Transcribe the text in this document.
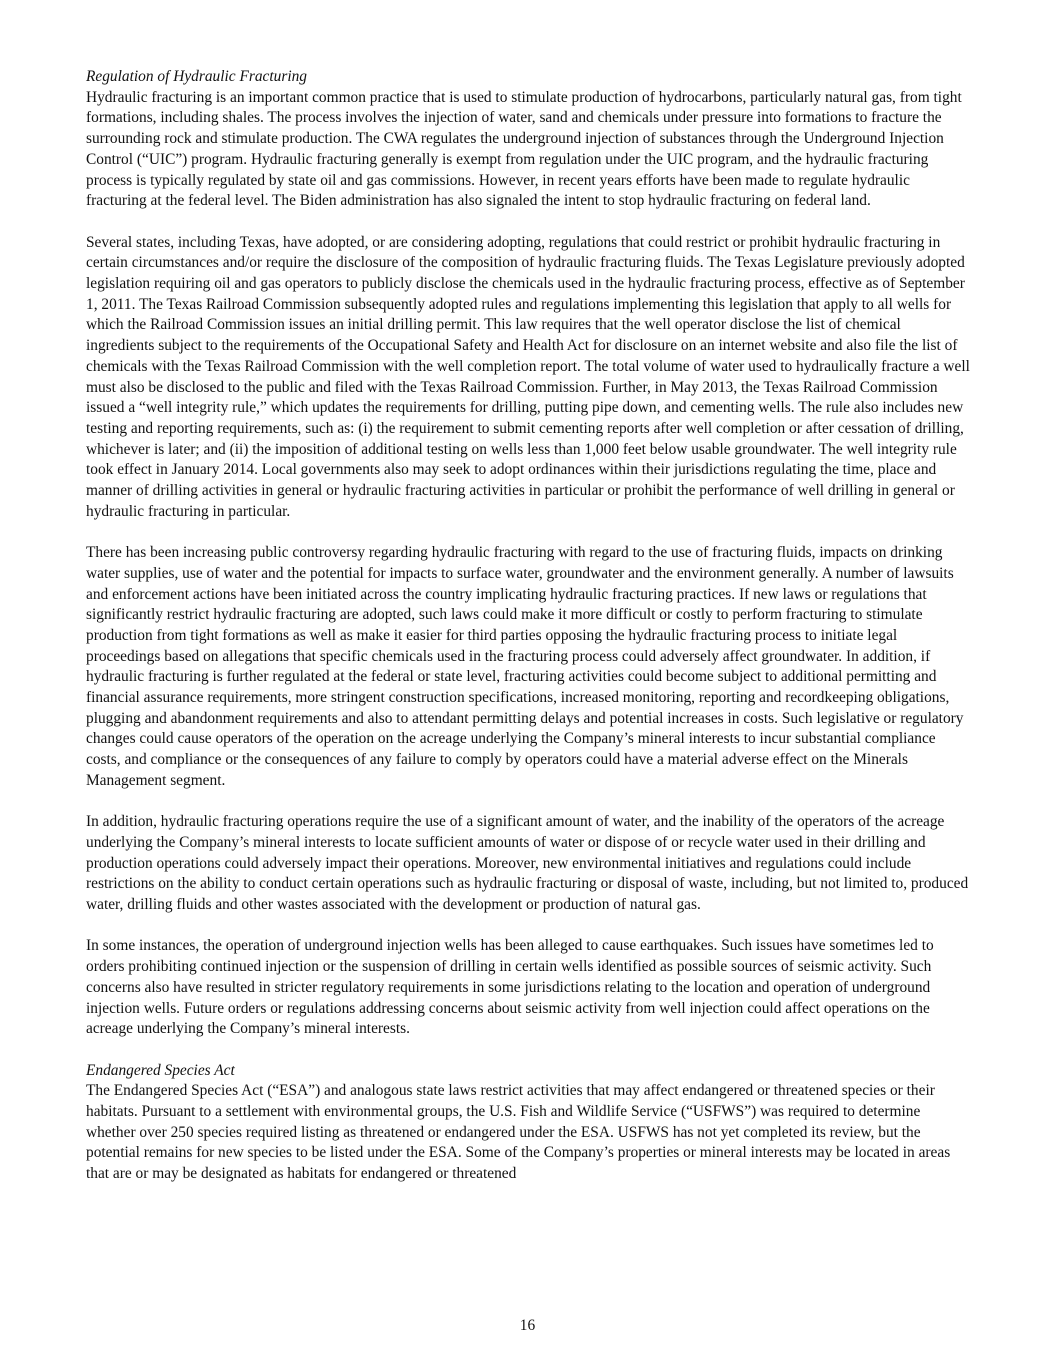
Regulation of Hydraulic Fracturing

Hydraulic fracturing is an important common practice that is used to stimulate production of hydrocarbons, particularly natural gas, from tight formations, including shales. The process involves the injection of water, sand and chemicals under pressure into formations to fracture the surrounding rock and stimulate production. The CWA regulates the underground injection of substances through the Underground Injection Control (“UIC”) program. Hydraulic fracturing generally is exempt from regulation under the UIC program, and the hydraulic fracturing process is typically regulated by state oil and gas commissions. However, in recent years efforts have been made to regulate hydraulic fracturing at the federal level. The Biden administration has also signaled the intent to stop hydraulic fracturing on federal land.

Several states, including Texas, have adopted, or are considering adopting, regulations that could restrict or prohibit hydraulic fracturing in certain circumstances and/or require the disclosure of the composition of hydraulic fracturing fluids. The Texas Legislature previously adopted legislation requiring oil and gas operators to publicly disclose the chemicals used in the hydraulic fracturing process, effective as of September 1, 2011. The Texas Railroad Commission subsequently adopted rules and regulations implementing this legislation that apply to all wells for which the Railroad Commission issues an initial drilling permit. This law requires that the well operator disclose the list of chemical ingredients subject to the requirements of the Occupational Safety and Health Act for disclosure on an internet website and also file the list of chemicals with the Texas Railroad Commission with the well completion report. The total volume of water used to hydraulically fracture a well must also be disclosed to the public and filed with the Texas Railroad Commission. Further, in May 2013, the Texas Railroad Commission issued a “well integrity rule,” which updates the requirements for drilling, putting pipe down, and cementing wells. The rule also includes new testing and reporting requirements, such as: (i) the requirement to submit cementing reports after well completion or after cessation of drilling, whichever is later; and (ii) the imposition of additional testing on wells less than 1,000 feet below usable groundwater. The well integrity rule took effect in January 2014. Local governments also may seek to adopt ordinances within their jurisdictions regulating the time, place and manner of drilling activities in general or hydraulic fracturing activities in particular or prohibit the performance of well drilling in general or hydraulic fracturing in particular.

There has been increasing public controversy regarding hydraulic fracturing with regard to the use of fracturing fluids, impacts on drinking water supplies, use of water and the potential for impacts to surface water, groundwater and the environment generally. A number of lawsuits and enforcement actions have been initiated across the country implicating hydraulic fracturing practices. If new laws or regulations that significantly restrict hydraulic fracturing are adopted, such laws could make it more difficult or costly to perform fracturing to stimulate production from tight formations as well as make it easier for third parties opposing the hydraulic fracturing process to initiate legal proceedings based on allegations that specific chemicals used in the fracturing process could adversely affect groundwater. In addition, if hydraulic fracturing is further regulated at the federal or state level, fracturing activities could become subject to additional permitting and financial assurance requirements, more stringent construction specifications, increased monitoring, reporting and recordkeeping obligations, plugging and abandonment requirements and also to attendant permitting delays and potential increases in costs. Such legislative or regulatory changes could cause operators of the operation on the acreage underlying the Company’s mineral interests to incur substantial compliance costs, and compliance or the consequences of any failure to comply by operators could have a material adverse effect on the Minerals Management segment.

In addition, hydraulic fracturing operations require the use of a significant amount of water, and the inability of the operators of the acreage underlying the Company’s mineral interests to locate sufficient amounts of water or dispose of or recycle water used in their drilling and production operations could adversely impact their operations. Moreover, new environmental initiatives and regulations could include restrictions on the ability to conduct certain operations such as hydraulic fracturing or disposal of waste, including, but not limited to, produced water, drilling fluids and other wastes associated with the development or production of natural gas.

In some instances, the operation of underground injection wells has been alleged to cause earthquakes. Such issues have sometimes led to orders prohibiting continued injection or the suspension of drilling in certain wells identified as possible sources of seismic activity. Such concerns also have resulted in stricter regulatory requirements in some jurisdictions relating to the location and operation of underground injection wells. Future orders or regulations addressing concerns about seismic activity from well injection could affect operations on the acreage underlying the Company’s mineral interests.

Endangered Species Act

The Endangered Species Act (“ESA”) and analogous state laws restrict activities that may affect endangered or threatened species or their habitats. Pursuant to a settlement with environmental groups, the U.S. Fish and Wildlife Service (“USFWS”) was required to determine whether over 250 species required listing as threatened or endangered under the ESA. USFWS has not yet completed its review, but the potential remains for new species to be listed under the ESA. Some of the Company’s properties or mineral interests may be located in areas that are or may be designated as habitats for endangered or threatened

16
